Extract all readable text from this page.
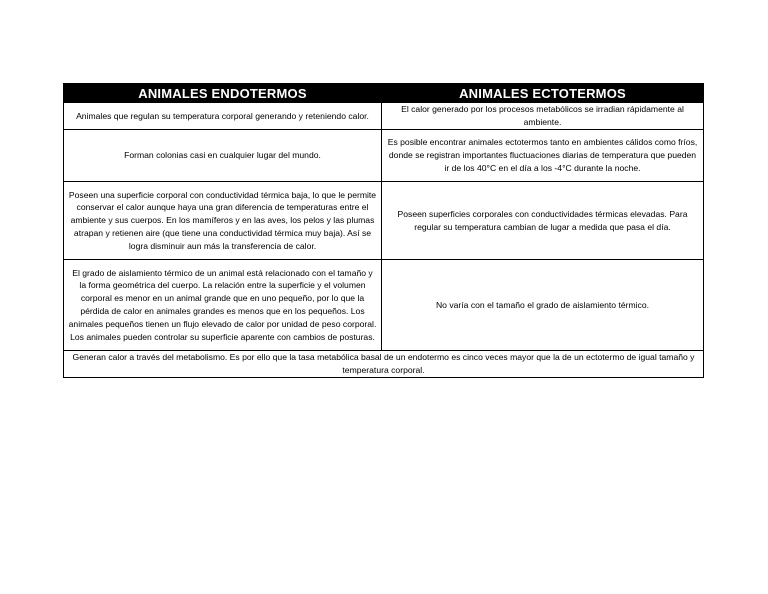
ANIMALES ENDOTERMOS	ANIMALES ECTOTERMOS
Animales que regulan su temperatura corporal generando y reteniendo calor.	El calor generado por los procesos metabólicos se irradian rápidamente al ambiente.
Forman colonias casi en cualquier lugar del mundo.	Es posible encontrar animales ectotermos tanto en ambientes cálidos como fríos, donde se registran importantes fluctuaciones diarias de temperatura que pueden ir de los 40°C en el día a los -4°C durante la noche.
Poseen una superficie corporal con conductividad térmica baja, lo que le permite conservar el calor aunque haya una gran diferencia de temperaturas entre el ambiente y sus cuerpos. En los mamíferos y en las aves, los pelos y las plumas atrapan y retienen aire (que tiene una conductividad térmica muy baja). Así se logra disminuir aun más la transferencia de calor.	Poseen superficies corporales con conductividades térmicas elevadas. Para regular su temperatura cambian de lugar a medida que pasa el día.
El grado de aislamiento térmico de un animal está relacionado con el tamaño y la forma geométrica del cuerpo. La relación entre la superficie y el volumen corporal es menor en un animal grande que en uno pequeño, por lo que la pérdida de calor en animales grandes es menos que en los pequeños. Los animales pequeños tienen un flujo elevado de calor por unidad de peso corporal. Los animales pueden controlar su superficie aparente con cambios de posturas.	No varía con el tamaño el grado de aislamiento térmico.
Generan calor a través del metabolismo. Es por ello que la tasa metabólica basal de un endotermo es cinco veces mayor que la de un ectotermo de igual tamaño y temperatura corporal.	
